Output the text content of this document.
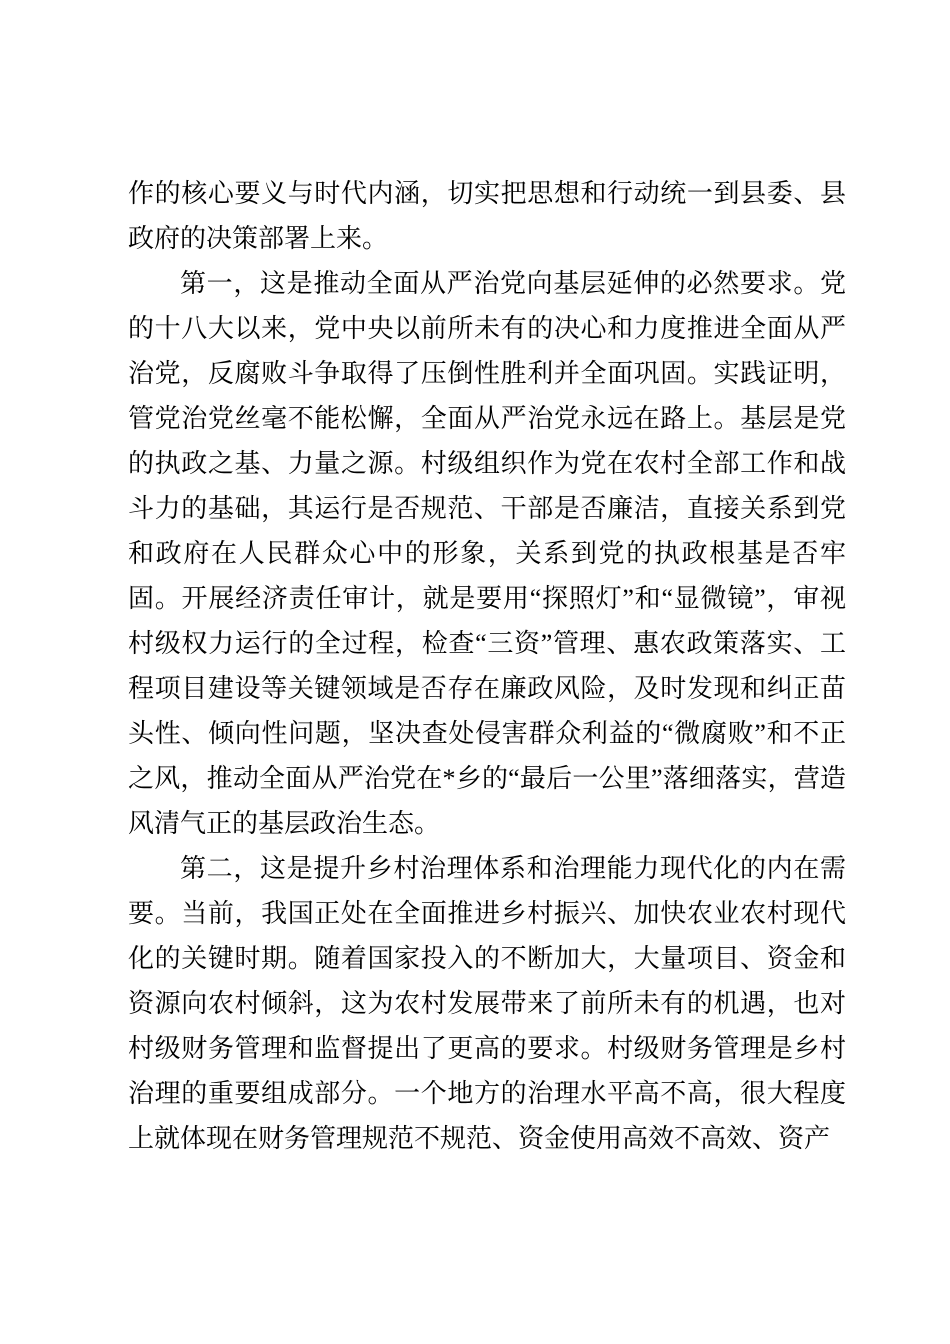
作的核心要义与时代内涵，切实把思想和行动统一到县委、县政府的决策部署上来。

第一，这是推动全面从严治党向基层延伸的必然要求。党的十八大以来，党中央以前所未有的决心和力度推进全面从严治党，反腐败斗争取得了压倒性胜利并全面巩固。实践证明，管党治党丝毫不能松懈，全面从严治党永远在路上。基层是党的执政之基、力量之源。村级组织作为党在农村全部工作和战斗力的基础，其运行是否规范、干部是否廉洁，直接关系到党和政府在人民群众心中的形象，关系到党的执政根基是否牢固。开展经济责任审计，就是要用“探照灯”和“显微镜”，审视村级权力运行的全过程，检查“三资”管理、惠农政策落实、工程项目建设等关键领域是否存在廉政风险，及时发现和纠正苗头性、倾向性问题，坚决查处侵害群众利益的“微腐败”和不正之风，推动全面从严治党在*乡的“最后一公里”落细落实，营造风清气正的基层政治生态。

第二，这是提升乡村治理体系和治理能力现代化的内在需要。当前，我国正处在全面推进乡村振兴、加快农业农村现代化的关键时期。随着国家投入的不断加大，大量项目、资金和资源向农村倾斜，这为农村发展带来了前所未有的机遇，也对村级财务管理和监督提出了更高的要求。村级财务管理是乡村治理的重要组成部分。一个地方的治理水平高不高，很大程度上就体现在财务管理规范不规范、资金使用高效不高效、资产
